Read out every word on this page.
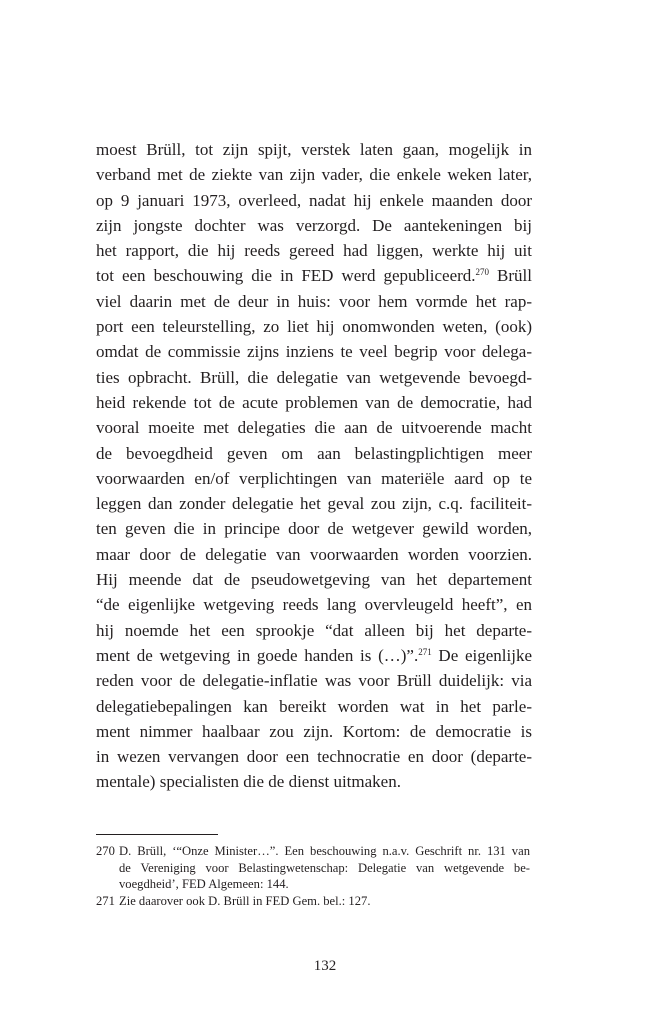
moest Brüll, tot zijn spijt, verstek laten gaan, mogelijk in
verband met de ziekte van zijn vader, die enkele weken later,
op 9 januari 1973, overleed, nadat hij enkele maanden door
zijn jongste dochter was verzorgd. De aantekeningen bij
het rapport, die hij reeds gereed had liggen, werkte hij uit
tot een beschouwing die in FED werd gepubliceerd.$^{270}$ Brüll
viel daarin met de deur in huis: voor hem vormde het rap-
port een teleurstelling, zo liet hij onomwonden weten, (ook)
omdat de commissie zijns inziens te veel begrip voor delega-
ties opbracht. Brüll, die delegatie van wetgevende bevoegd-
heid rekende tot de acute problemen van de democratie, had
vooral moeite met delegaties die aan de uitvoerende macht
de bevoegdheid geven om aan belastingplichtigen meer
voorwaarden en/of verplichtingen van materiële aard op te
leggen dan zonder delegatie het geval zou zijn, c.q. faciliteit-
ten geven die in principe door de wetgever gewild worden,
maar door de delegatie van voorwaarden worden voorzien.
Hij meende dat de pseudowetgeving van het departement
“de eigenlijke wetgeving reeds lang overvleugeld heeft”, en
hij noemde het een sprookje “dat alleen bij het departe-
ment de wetgeving in goede handen is (…)”.$^{271}$ De eigenlijke
reden voor de delegatie-inflatie was voor Brüll duidelijk: via
delegatiebepalingen kan bereikt worden wat in het parle-
ment nimmer haalbaar zou zijn. Kortom: de democratie is
in wezen vervangen door een technocratie en door (departe-
mentale) specialisten die de dienst uitmaken.
270 D. Brüll, ‘“Onze Minister…”. Een beschouwing n.a.v. Geschrift nr. 131 van
de Vereniging voor Belastingwetenschap: Delegatie van wetgevende be-
voegdheid’, FED Algemeen: 144.
271 Zie daarover ook D. Brüll in FED Gem. bel.: 127.
132
